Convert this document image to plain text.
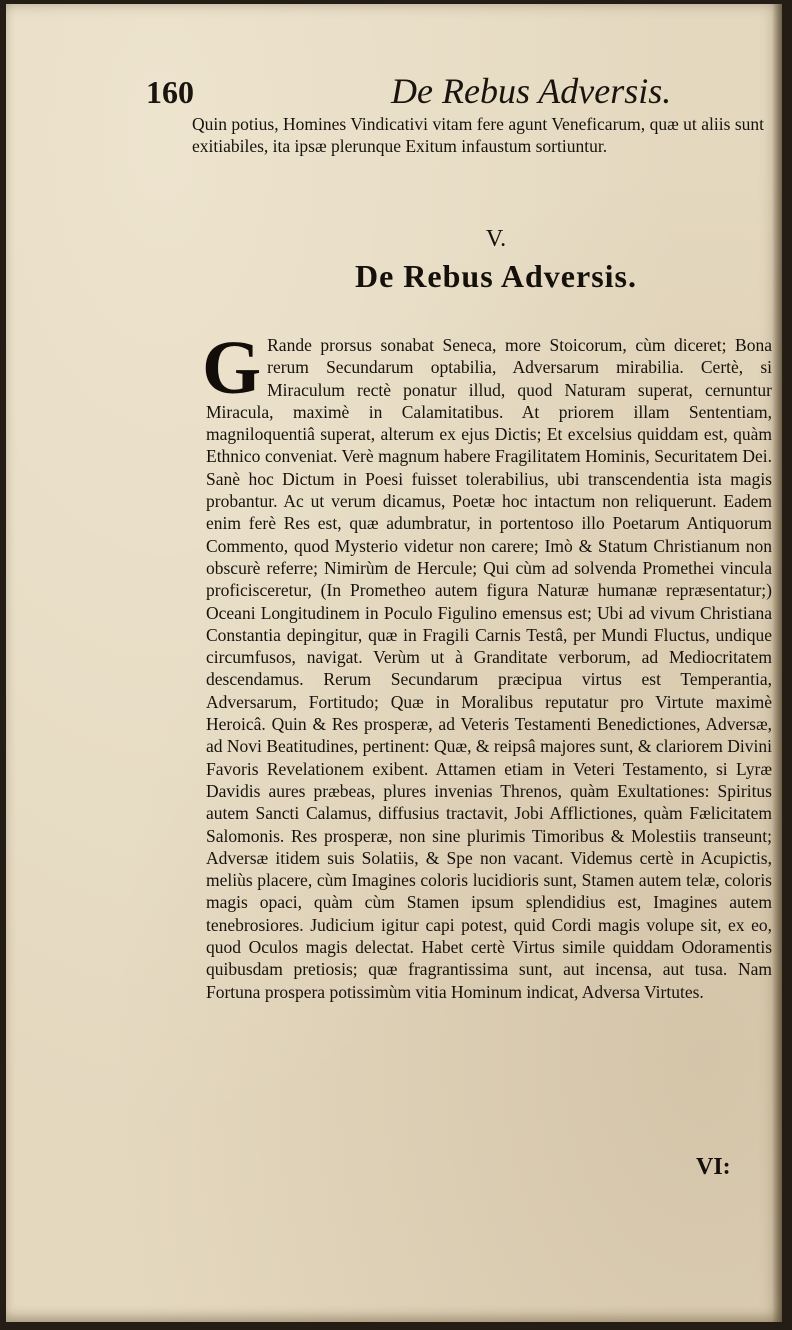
160	De Rebus Adversis.

Quin potius, Homines Vindicativi vitam fere agunt Veneficarum, quæ ut aliis sunt exitiabiles, ita ipsæ plerunque Exitum infaustum sortiuntur.

V.
De Rebus Adversis.
G Rande prorsus sonabat Seneca, more Stoicorum, cùm diceret; Bona rerum Secundarum optabilia, Adversarum mirabilia. Certè, si Miraculum rectè ponatur illud, quod Naturam superat, cernuntur Miracula, maximè in Calamitatibus. At priorem illam Sententiam, magniloquentiâ superat, alterum ex ejus Dictis; Et excelsius quiddam est, quàm Ethnico conveniat. Verè magnum habere Fragilitatem Hominis, Securitatem Dei. Sanè hoc Dictum in Poesi fuisset tolerabilius, ubi transcendentia ista magis probantur. Ac ut verum dicamus, Poetæ hoc intactum non reliquerunt. Eadem enim ferè Res est, quæ adumbratur, in portentoso illo Poetarum Antiquorum Commento, quod Mysterio videtur non carere; Imò & Statum Christianum non obscurè referre; Nimirùm de Hercule; Qui cùm ad solvenda Promethei vincula proficisceretur, (In Prometheo autem figura Naturæ humanæ repræsentatur;) Oceani Longitudinem in Poculo Figulino emensus est; Ubi ad vivum Christiana Constantia depingitur, quæ in Fragili Carnis Testâ, per Mundi Fluctus, undique circumfusos, navigat. Verùm ut à Granditate verborum, ad Mediocritatem descendamus. Rerum Secundarum præcipua virtus est Temperantia, Adversarum, Fortitudo; Quæ in Moralibus reputatur pro Virtute maximè Heroicâ. Quin & Res prosperæ, ad Veteris Testamenti Benedictiones, Adversæ, ad Novi Beatitudines, pertinent: Quæ, & reipsâ majores sunt, & clariorem Divini Favoris Revelationem exibent. Attamen etiam in Veteri Testamento, si Lyræ Davidis aures præbeas, plures invenias Threnos, quàm Exultationes: Spiritus autem Sancti Calamus, diffusius tractavit, Jobi Afflictiones, quàm Fælicitatem Salomonis. Res prosperæ, non sine plurimis Timoribus & Molestiis transeunt; Adversæ itidem suis Solatiis, & Spe non vacant. Videmus certè in Acupictis, meliùs placere, cùm Imagines coloris lucidioris sunt, Stamen autem telæ, coloris magis opaci, quàm cùm Stamen ipsum splendidius est, Imagines autem tenebrosiores. Judicium igitur capi potest, quid Cordi magis volupe sit, ex eo, quod Oculos magis delectat. Habet certè Virtus simile quiddam Odoramentis quibusdam pretiosis; quæ fragrantissima sunt, aut incensa, aut tusa. Nam Fortuna prospera potissimùm vitia Hominum indicat, Adversa Virtutes.

VI:
